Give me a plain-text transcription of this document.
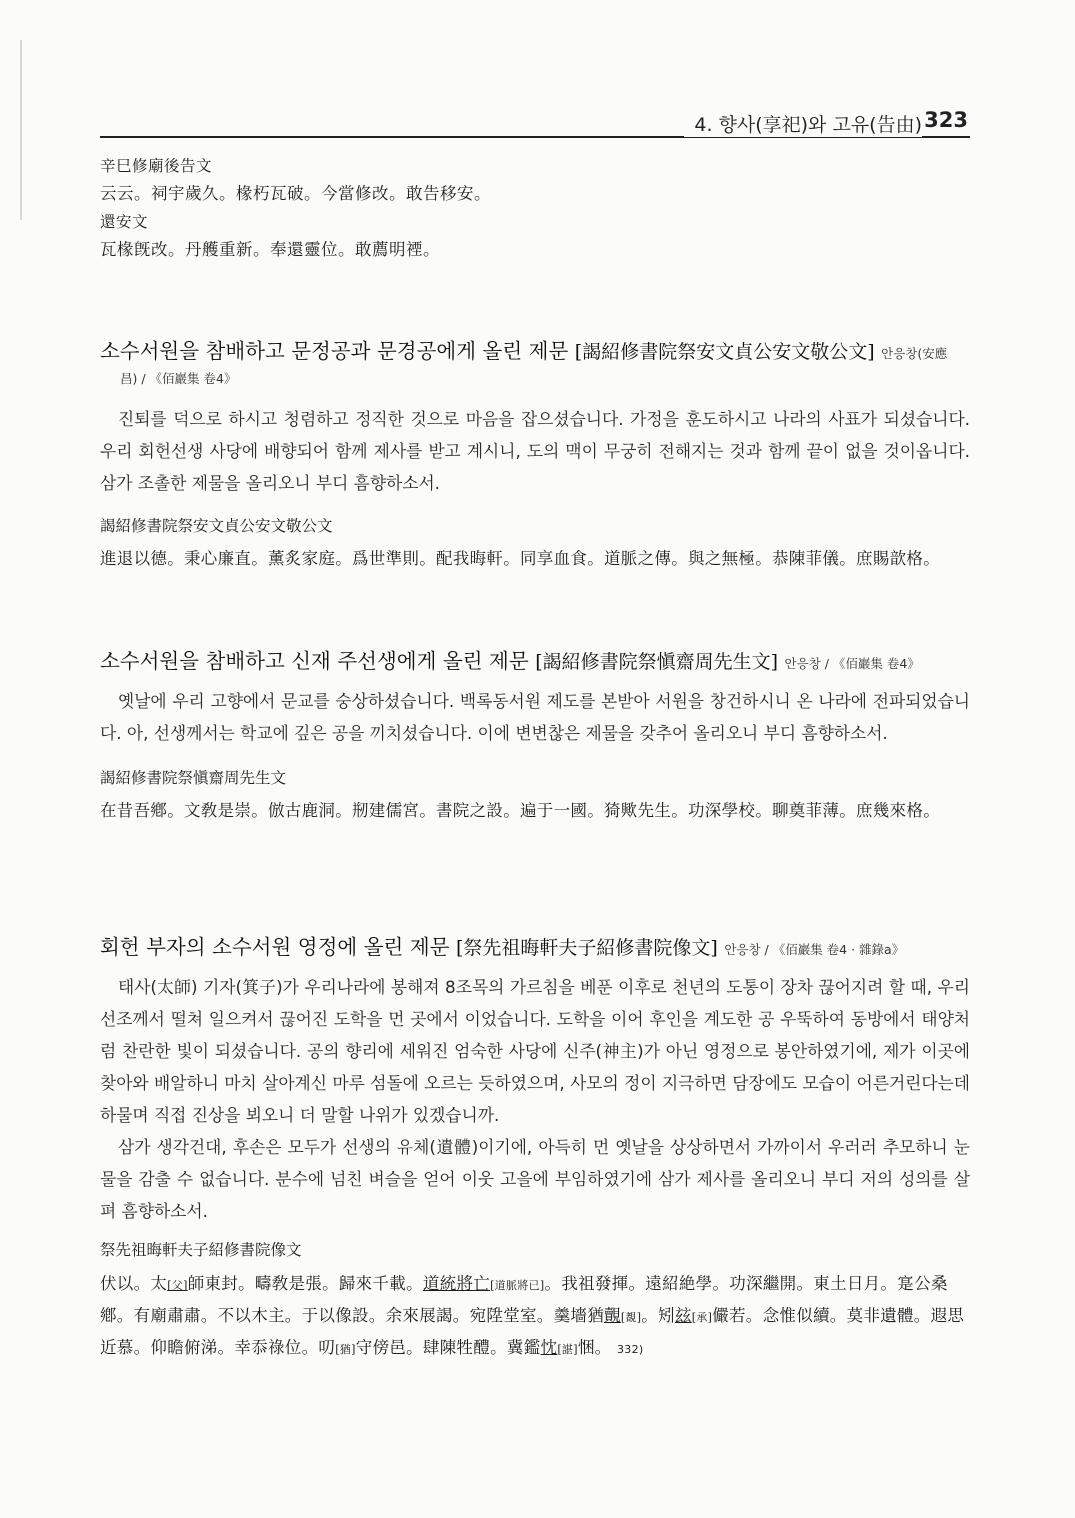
4. 향사(享祀)와 고유(告由) 323
辛巳修廟後告文
云云。祠宇歲久。椽朽瓦破。今當修改。敢告移安。
還安文
瓦椽旣改。丹艧重新。奉還靈位。敢薦明禋。
소수서원을 참배하고 문정공과 문경공에게 올린 제문 [謁紹修書院祭安文貞公安文敬公文] 안응창(安應
昌) / 《佰巖集 卷4》

진퇴를 덕으로 하시고 청렴하고 정직한 것으로 마음을 잡으셨습니다. 가정을 훈도하시고 나라의 사표가 되셨습니다. 우리 회헌선생 사당에 배향되어 함께 제사를 받고 계시니, 도의 맥이 무궁히 전해지는 것과 함께 끝이 없을 것이옵니다. 삼가 조촐한 제물을 올리오니 부디 흠향하소서.

謁紹修書院祭安文貞公安文敬公文
進退以德。秉心廉直。薰炙家庭。爲世準則。配我晦軒。同享血食。道脈之傳。與之無極。恭陳菲儀。庶賜歆格。
소수서원을 참배하고 신재 주선생에게 올린 제문 [謁紹修書院祭愼齋周先生文] 안응창 / 《佰巖集 卷4》

옛날에 우리 고향에서 문교를 숭상하셨습니다. 백록동서원 제도를 본받아 서원을 창건하시니 온 나라에 전파되었습니다. 아, 선생께서는 학교에 깊은 공을 끼치셨습니다. 이에 변변찮은 제물을 갖추어 올리오니 부디 흠향하소서.

謁紹修書院祭愼齋周先生文
在昔吾鄕。文敎是崇。倣古鹿洞。剏建儒宮。書院之設。遍于一國。猗歟先生。功深學校。聊奠菲薄。庶幾來格。
회헌 부자의 소수서원 영정에 올린 제문 [祭先祖晦軒夫子紹修書院像文] 안응창 / 《佰巖集 卷4 · 雜錄a》

태사(太師) 기자(箕子)가 우리나라에 봉해져 8조목의 가르침을 베푼 이후로 천년의 도통이 장차 끊어지려 할 때, 우리 선조께서 떨쳐 일으켜서 끊어진 도학을 먼 곳에서 이었습니다. 도학을 이어 후인을 계도한 공 우뚝하여 동방에서 태양처럼 찬란한 빛이 되셨습니다. 공의 향리에 세워진 엄숙한 사당에 신주(神主)가 아닌 영정으로 봉안하였기에, 제가 이곳에 찾아와 배알하니 마치 살아계신 마루 섬돌에 오르는 듯하였으며, 사모의 정이 지극하면 담장에도 모습이 어른거린다는데 하물며 직접 진상을 뵈오니 더 말할 나위가 있겠습니까.

삼가 생각건대, 후손은 모두가 선생의 유체(遺體)이기에, 아득히 먼 옛날을 상상하면서 가까이서 우러러 추모하니 눈물을 감출 수 없습니다. 분수에 넘친 벼슬을 얻어 이웃 고을에 부임하였기에 삼가 제사를 올리오니 부디 저의 성의를 살펴 흠향하소서.

祭先祖晦軒夫子紹修書院像文
伏以。太[父]師東封。疇敎是張。歸來千載。道統將亡[道脈將已]。我祖發揮。遠紹絶學。功深繼開。東土日月。寔公桑鄕。有廟肅肅。不以木主。于以像設。余來展謁。宛陞堂室。羹墻猶覿[覩]。矧玆[承]儼若。念惟似續。莫非遺體。遐思近慕。仰瞻俯涕。幸忝祿位。叨[猶]守傍邑。肆陳牲醴。冀鑑忱[諶]悃。 332)
